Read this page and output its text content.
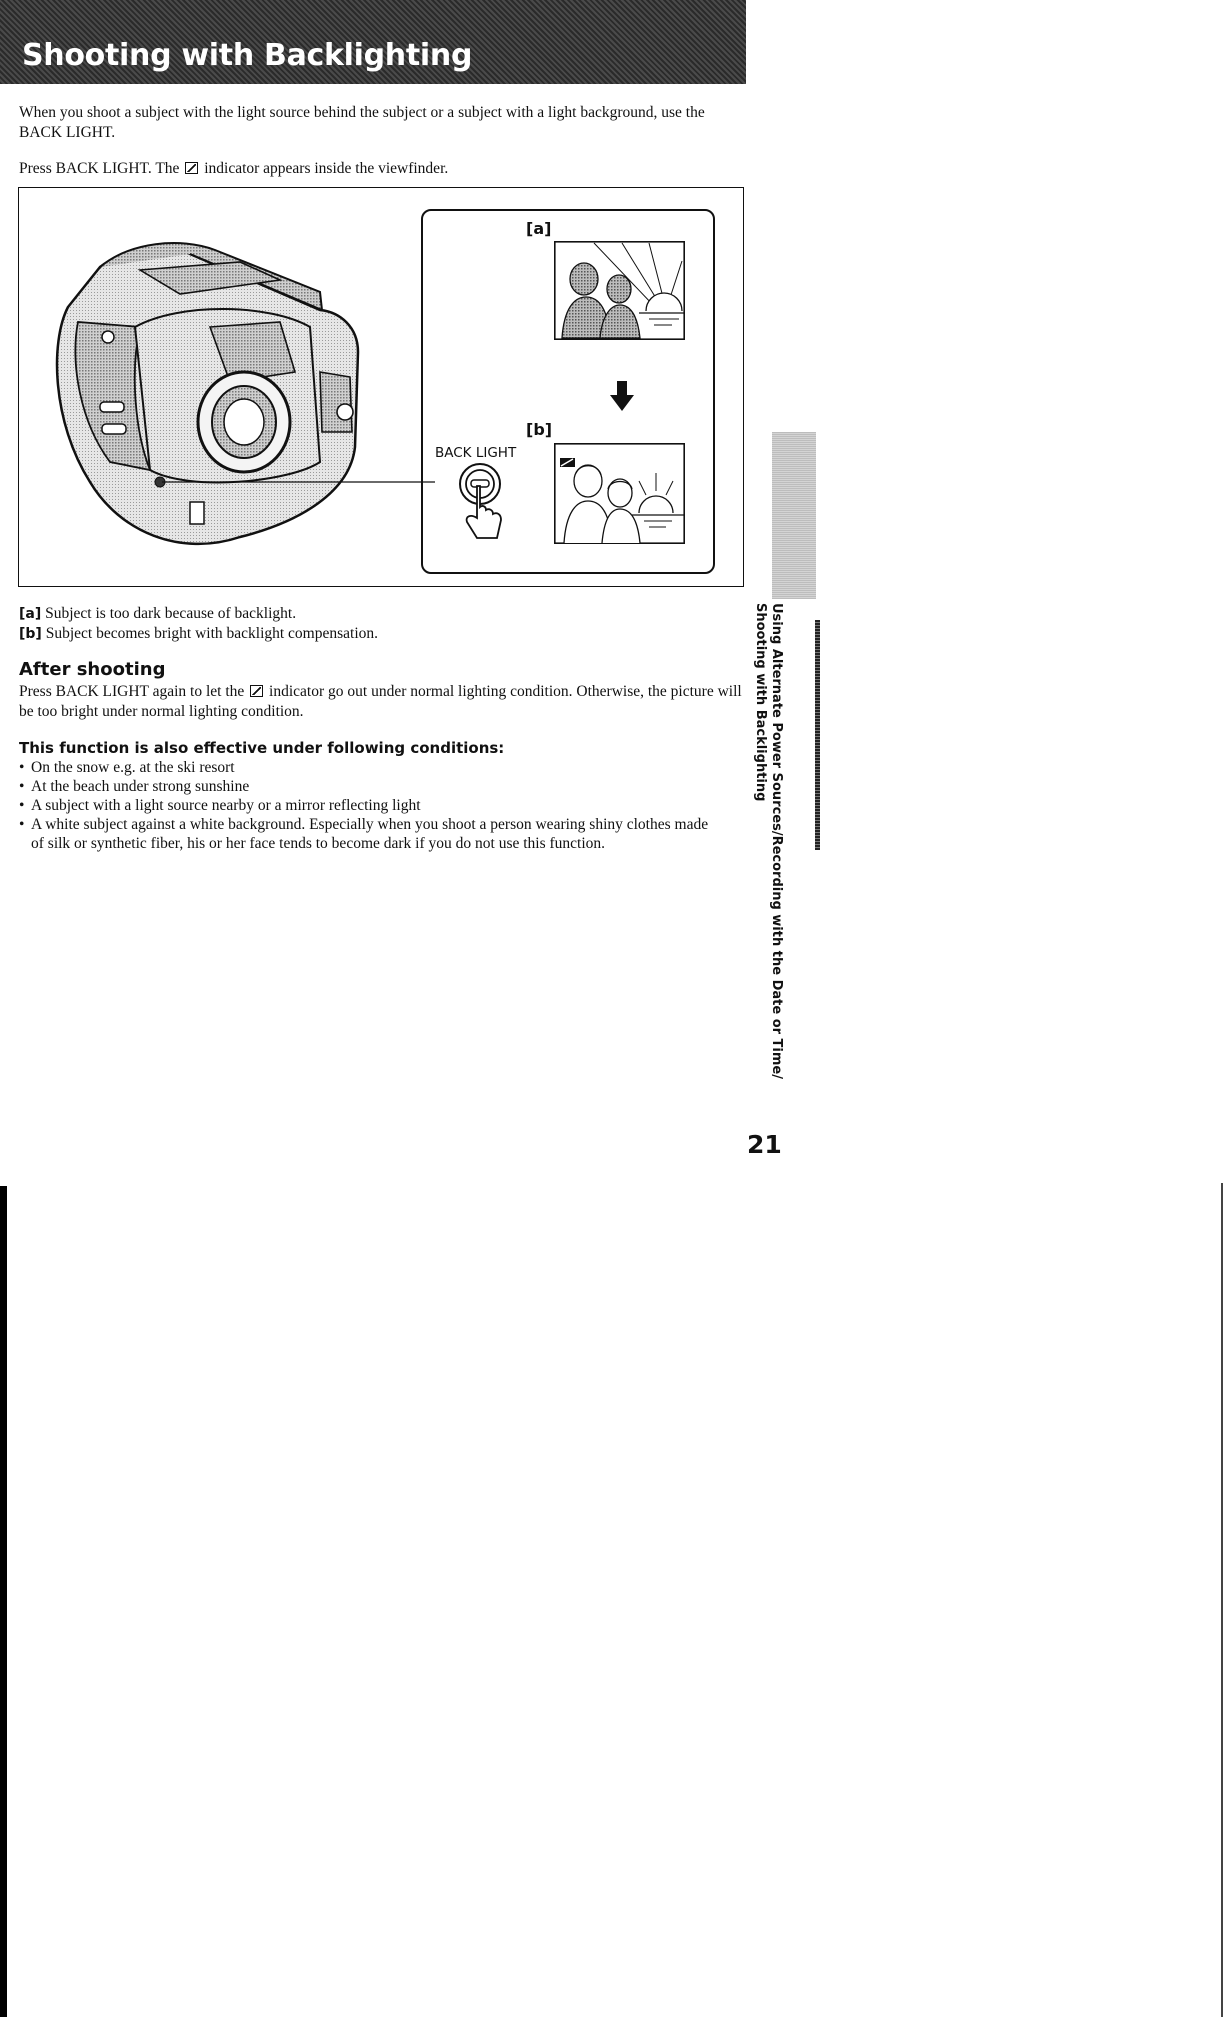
Shooting with Backlighting

When you shoot a subject with the light source behind the subject or a subject with a light background, use the BACK LIGHT.

Press BACK LIGHT. The indicator appears inside the viewfinder.

[a]
[b]
BACK LIGHT

[a] Subject is too dark because of backlight.

[b] Subject becomes bright with backlight compensation.

After shooting

Press BACK LIGHT again to let the indicator go out under normal lighting condition. Otherwise, the picture will be too bright under normal lighting condition.

This function is also effective under following conditions:
• On the snow e.g. at the ski resort
• At the beach under strong sunshine
• A subject with a light source nearby or a mirror reflecting light
• A white subject against a white background. Especially when you shoot a person wearing shiny clothes made of silk or synthetic fiber, his or her face tends to become dark if you do not use this function.	Using Alternate Power Sources/Recording with the Date or Time/
Shooting with Backlighting
21
